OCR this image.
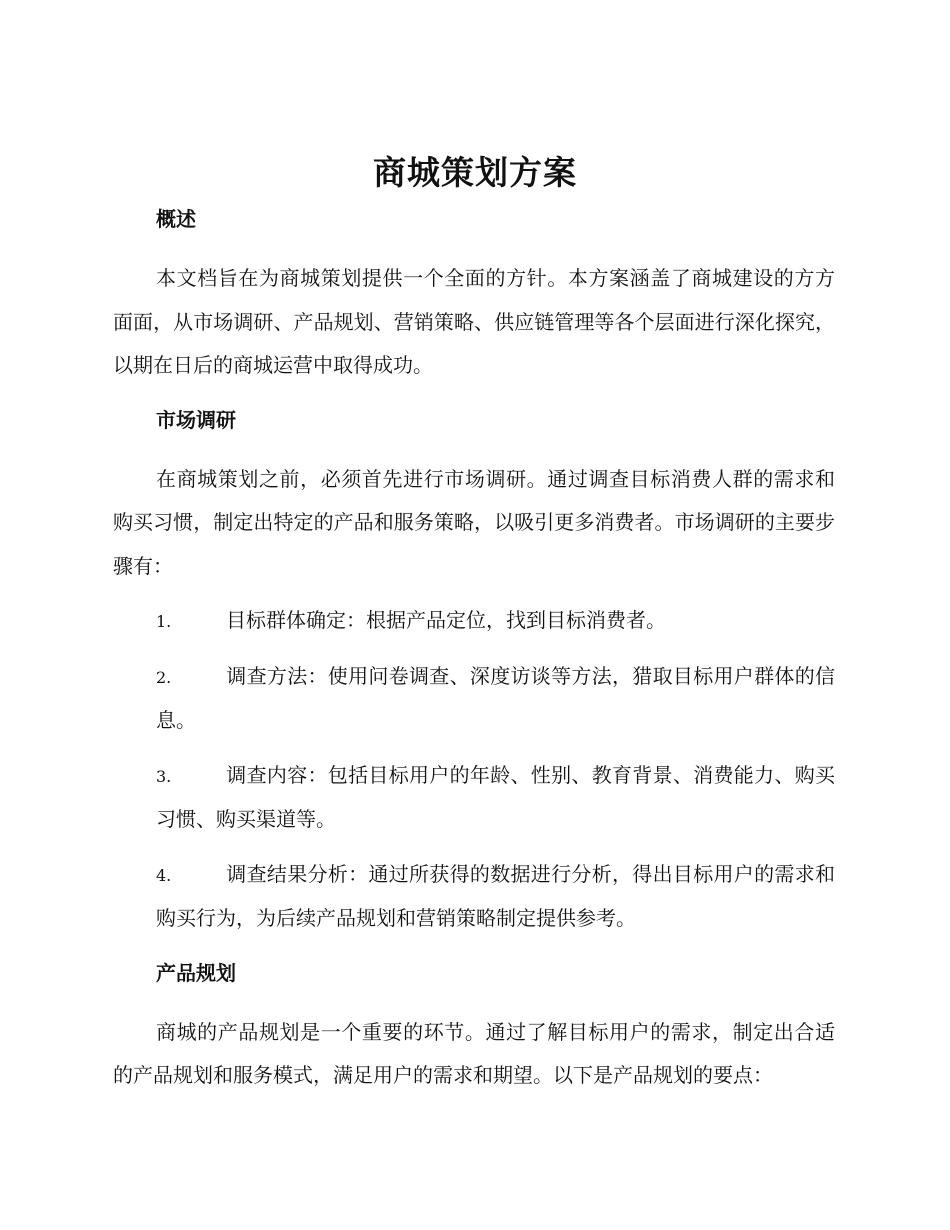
商城策划方案
概述
本文档旨在为商城策划提供一个全面的方针。本方案涵盖了商城建设的方方面面，从市场调研、产品规划、营销策略、供应链管理等各个层面进行深化探究，以期在日后的商城运营中取得成功。
市场调研
在商城策划之前，必须首先进行市场调研。通过调查目标消费人群的需求和购买习惯，制定出特定的产品和服务策略，以吸引更多消费者。市场调研的主要步骤有：
1.	目标群体确定：根据产品定位，找到目标消费者。
2.	调查方法：使用问卷调查、深度访谈等方法，猎取目标用户群体的信息。
3.	调查内容：包括目标用户的年龄、性别、教育背景、消费能力、购买习惯、购买渠道等。
4.	调查结果分析：通过所获得的数据进行分析，得出目标用户的需求和购买行为，为后续产品规划和营销策略制定提供参考。
产品规划
商城的产品规划是一个重要的环节。通过了解目标用户的需求，制定出合适的产品规划和服务模式，满足用户的需求和期望。以下是产品规划的要点：
